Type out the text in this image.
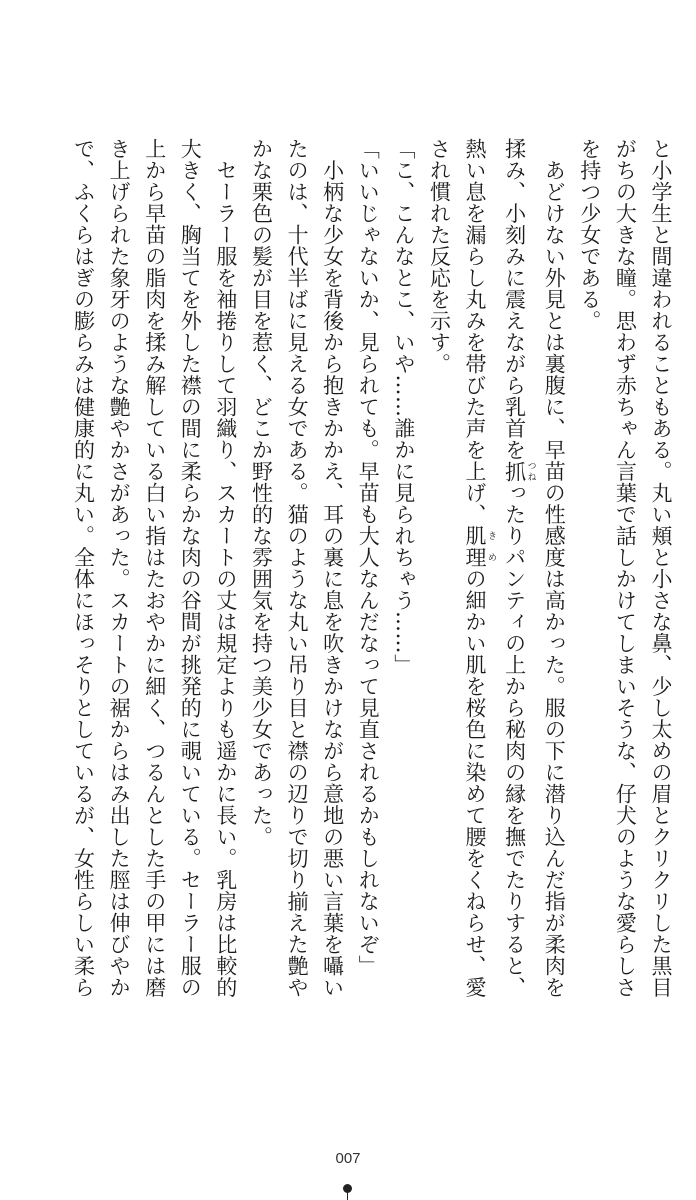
と小学生と間違われることもある。丸い頬と小さな鼻、少し太めの眉とクリクリした黒目
がちの大きな瞳。思わず赤ちゃん言葉で話しかけてしまいそうな、仔犬のような愛らしさ
を持つ少女である。
　あどけない外見とは裏腹に、早苗の性感度は高かった。服の下に潜り込んだ指が柔肉を
揉み、小刻みに震えながら乳首を抓 つねったりパンティの上から秘肉の縁を撫でたりすると、
熱い息を漏らし丸みを帯びた声を上げ、肌理 きめの細かい肌を桜色に染めて腰をくねらせ、愛
され慣れた反応を示す。
「こ、こんなとこ、いや……誰かに見られちゃう……」
「いいじゃないか、見られても。早苗も大人なんだなって見直されるかもしれないぞ」
　小柄な少女を背後から抱きかかえ、耳の裏に息を吹きかけながら意地の悪い言葉を囁い
たのは、十代半ばに見える女である。猫のような丸い吊り目と襟の辺りで切り揃えた艶や
かな栗色の髪が目を惹く、どこか野性的な雰囲気を持つ美少女であった。
　セーラー服を袖捲りして羽織り、スカートの丈は規定よりも遥かに長い。乳房は比較的
大きく、胸当てを外した襟の間に柔らかな肉の谷間が挑発的に覗いている。セーラー服の
上から早苗の脂肉を揉み解している白い指はたおやかに細く、つるんとした手の甲には磨
き上げられた象牙のような艶やかさがあった。スカートの裾からはみ出した脛は伸びやか
で、ふくらはぎの膨らみは健康的に丸い。全体にほっそりとしているが、女性らしい柔ら
007
